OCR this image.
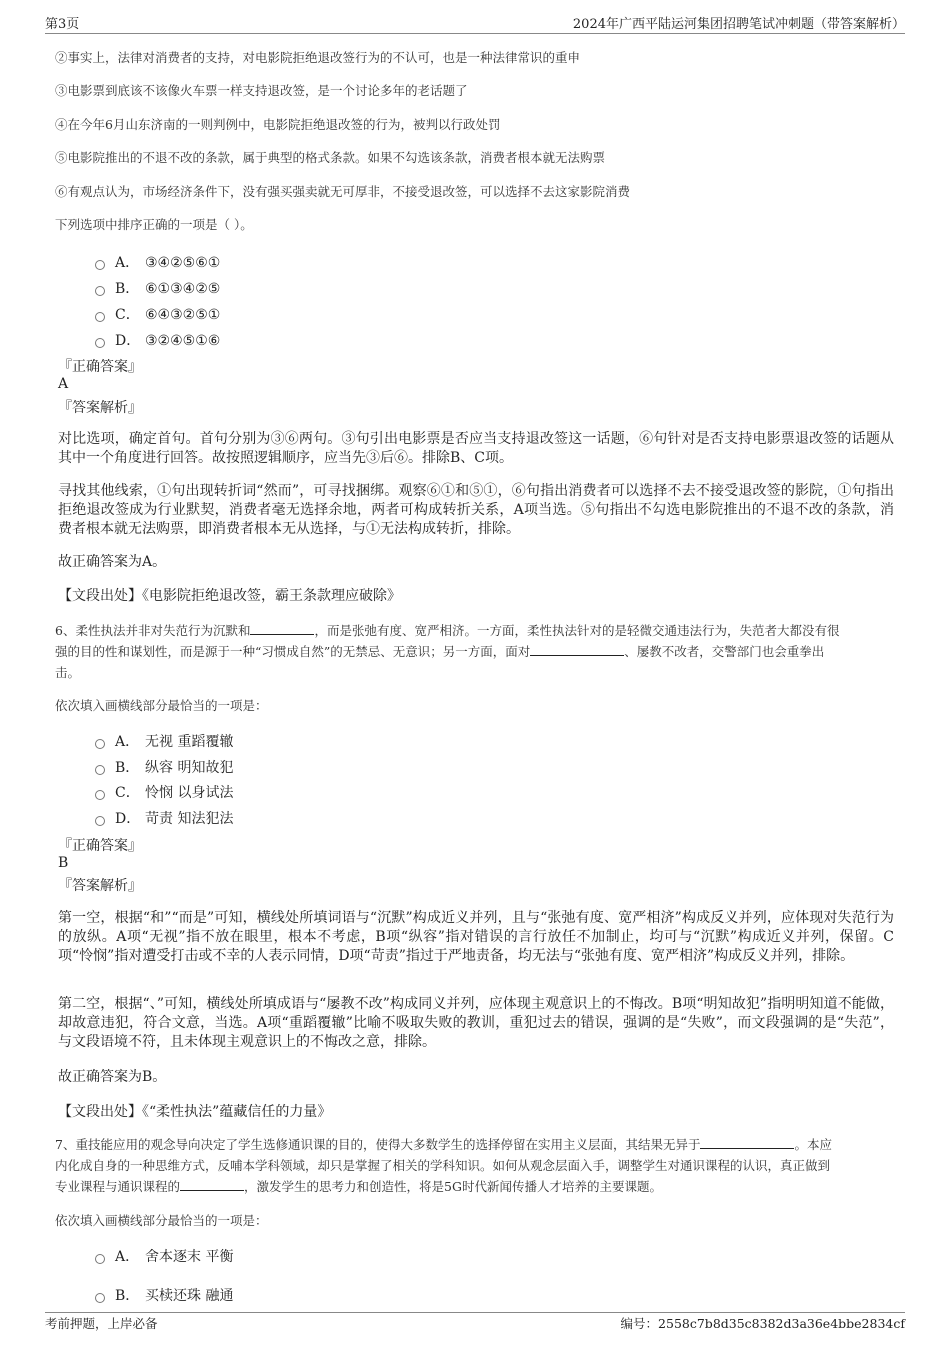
第3页	2024年广西平陆运河集团招聘笔试冲刺题（带答案解析）
②事实上，法律对消费者的支持，对电影院拒绝退改签行为的不认可，也是一种法律常识的重申
③电影票到底该不该像火车票一样支持退改签，是一个讨论多年的老话题了
④在今年6月山东济南的一则判例中，电影院拒绝退改签的行为，被判以行政处罚
⑤电影院推出的不退不改的条款，属于典型的格式条款。如果不勾选该条款，消费者根本就无法购票
⑥有观点认为，市场经济条件下，没有强买强卖就无可厚非，不接受退改签，可以选择不去这家影院消费
下列选项中排序正确的一项是（ ）。
A． ③④②⑤⑥①
B． ⑥①③④②⑤
C． ⑥④③②⑤①
D． ③②④⑤①⑥
『正确答案』
A
『答案解析』
对比选项，确定首句。首句分别为③⑥两句。③句引出电影票是否应当支持退改签这一话题，⑥句针对是否支持电影票退改签的话题从其中一个角度进行回答。故按照逻辑顺序，应当先③后⑥。排除B、C项。
寻找其他线索，①句出现转折词“然而”，可寻找捆绑。观察⑥①和⑤①，⑥句指出消费者可以选择不去不接受退改签的影院，①句指出拒绝退改签成为行业默契，消费者毫无选择余地，两者可构成转折关系，A项当选。⑤句指出不勾选电影院推出的不退不改的条款，消费者根本就无法购票，即消费者根本无从选择，与①无法构成转折，排除。
故正确答案为A。
【文段出处】《电影院拒绝退改签，霸王条款理应破除》
6、柔性执法并非对失范行为沉默和	，而是张弛有度、宽严相济。一方面，柔性执法针对的是轻微交通违法行为，失范者大都没有很
强的目的性和谋划性，而是源于一种“习惯成自然”的无禁忌、无意识；另一方面，面对	、屡教不改者，交警部门也会重拳出
击。
依次填入画横线部分最恰当的一项是：
A． 无视 重蹈覆辙
B． 纵容 明知故犯
C． 怜悯 以身试法
D． 苛责 知法犯法
『正确答案』
B
『答案解析』
第一空，根据“和”“而是”可知，横线处所填词语与“沉默”构成近义并列，且与“张弛有度、宽严相济”构成反义并列，应体现对失范行为的放纵。A项“无视”指不放在眼里，根本不考虑，B项“纵容”指对错误的言行放任不加制止，均可与“沉默”构成近义并列，保留。C项“怜悯”指对遭受打击或不幸的人表示同情，D项“苛责”指过于严地责备，均无法与“张弛有度、宽严相济”构成反义并列，排除。
第二空，根据“、”可知，横线处所填成语与“屡教不改”构成同义并列，应体现主观意识上的不悔改。B项“明知故犯”指明明知道不能做，却故意违犯，符合文意，当选。A项“重蹈覆辙”比喻不吸取失败的教训，重犯过去的错误，强调的是“失败”，而文段强调的是“失范”，与文段语境不符，且未体现主观意识上的不悔改之意，排除。
故正确答案为B。
【文段出处】《“柔性执法”蕴藏信任的力量》
7、重技能应用的观念导向决定了学生选修通识课的目的，使得大多数学生的选择停留在实用主义层面，其结果无异于	。本应
内化成自身的一种思维方式，反哺本学科领域，却只是掌握了相关的学科知识。如何从观念层面入手，调整学生对通识课程的认识，真正做到
专业课程与通识课程的	，激发学生的思考力和创造性，将是5G时代新闻传播人才培养的主要课题。
依次填入画横线部分最恰当的一项是：
A． 舍本逐末 平衡
B． 买椟还珠 融通
考前押题，上岸必备	编号：2558c7b8d35c8382d3a36e4bbe2834cf
